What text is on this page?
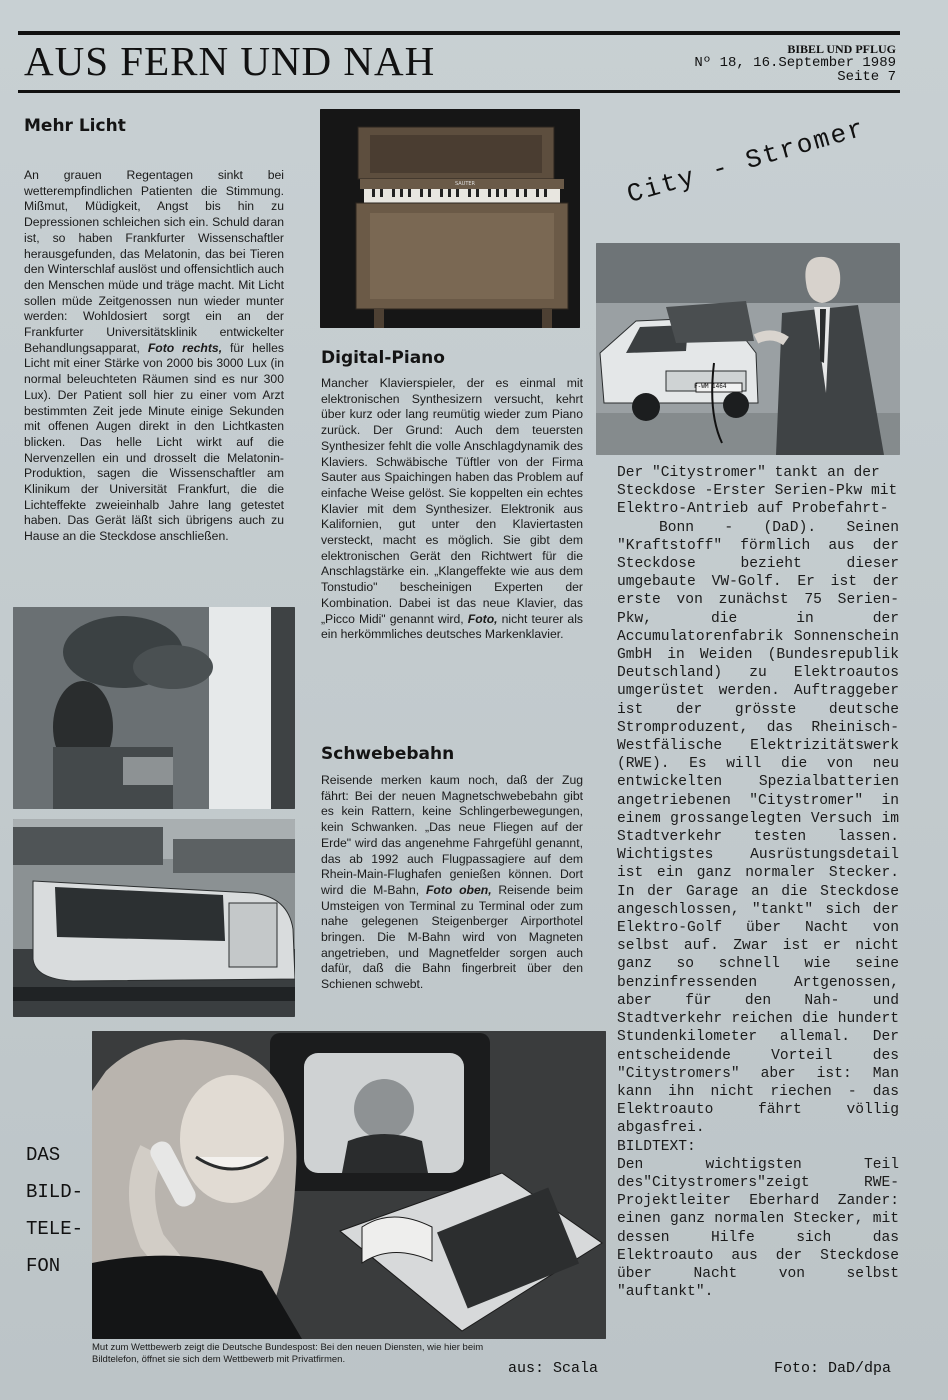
AUS FERN UND NAH	BIBEL UND PFLUG
Nº 18, 16.September 1989
Seite 7
Mehr Licht

An grauen Regentagen sinkt bei wetterempfindlichen Patienten die Stimmung. Mißmut, Müdigkeit, Angst bis hin zu Depressionen schleichen sich ein. Schuld daran ist, so haben Frankfurter Wissenschaftler herausgefunden, das Melatonin, das bei Tieren den Winterschlaf auslöst und offensichtlich auch den Menschen müde und träge macht. Mit Licht sollen müde Zeitgenossen nun wieder munter werden: Wohldosiert sorgt ein an der Frankfurter Universitätsklinik entwickelter Behandlungsapparat, Foto rechts, für helles Licht mit einer Stärke von 2000 bis 3000 Lux (in normal beleuchteten Räumen sind es nur 300 Lux). Der Patient soll hier zu einer vom Arzt bestimmten Zeit jede Minute einige Sekunden mit offenen Augen direkt in den Lichtkasten blicken. Das helle Licht wirkt auf die Nervenzellen ein und drosselt die Melatonin-Produktion, sagen die Wissenschaftler am Klinikum der Universität Frankfurt, die die Lichteffekte zweieinhalb Jahre lang getestet haben. Das Gerät läßt sich übrigens auch zu Hause an die Steckdose anschließen.

SAUTER
Digital-Piano

Mancher Klavierspieler, der es einmal mit elektronischen Synthesizern versucht, kehrt über kurz oder lang reumütig wieder zum Piano zurück. Der Grund: Auch dem teuersten Synthesizer fehlt die volle Anschlagdynamik des Klaviers. Schwäbische Tüftler von der Firma Sauter aus Spaichingen haben das Problem auf einfache Weise gelöst. Sie koppelten ein echtes Klavier mit dem Synthesizer. Elektronik aus Kalifornien, gut unter den Klaviertasten versteckt, macht es möglich. Sie gibt dem elektronischen Gerät den Richtwert für die Anschlagstärke ein. „Klangeffekte wie aus dem Tonstudio" bescheinigen Experten der Kombination. Dabei ist das neue Klavier, das „Picco Midi" genannt wird, Foto, nicht teurer als ein herkömmliches deutsches Markenklavier.

Schwebebahn

Reisende merken kaum noch, daß der Zug fährt: Bei der neuen Magnetschwebebahn gibt es kein Rattern, keine Schlingerbewegungen, kein Schwanken. „Das neue Fliegen auf der Erde" wird das angenehme Fahrgefühl genannt, das ab 1992 auch Flugpassagiere auf dem Rhein-Main-Flughafen genießen können. Dort wird die M-Bahn, Foto oben, Reisende beim Umsteigen von Terminal zu Terminal oder zum nahe gelegenen Steigenberger Airporthotel bringen. Die M-Bahn wird von Magneten angetrieben, und Magnetfelder sorgen auch dafür, daß die Bahn fingerbreit über den Schienen schwebt.

City - Stromer
F-WM 1464

Der "Citystromer" tankt an der Steckdose -Erster Serien-Pkw mit Elektro-Antrieb auf Probefahrt-

Bonn - (DaD). Seinen "Kraftstoff" förmlich aus der Steckdose bezieht dieser umgebaute VW-Golf. Er ist der erste von zunächst 75 Serien-Pkw, die in der Accumulatorenfabrik Sonnenschein GmbH in Weiden (Bundesrepublik Deutschland) zu Elektroautos umgerüstet werden. Auftraggeber ist der grösste deutsche Stromproduzent, das Rheinisch-Westfälische Elektrizitätswerk (RWE). Es will die von neu entwickelten Spezialbatterien angetriebenen "Citystromer" in einem grossangelegten Versuch im Stadtverkehr testen lassen. Wichtigstes Ausrüstungsdetail ist ein ganz normaler Stecker. In der Garage an die Steckdose angeschlossen, "tankt" sich der Elektro-Golf über Nacht von selbst auf. Zwar ist er nicht ganz so schnell wie seine benzinfressenden Artgenossen, aber für den Nah- und Stadtverkehr reichen die hundert Stundenkilometer allemal. Der entscheidende Vorteil des "Citystromers" aber ist: Man kann ihn nicht riechen - das Elektroauto fährt völlig abgasfrei.

BILDTEXT:

Den wichtigsten Teil des"Citystromers"zeigt RWE-Projektleiter Eberhard Zander: einen ganz normalen Stecker, mit dessen Hilfe sich das Elektroauto aus der Steckdose über Nacht von selbst "auftankt".

Foto: DaD/dpa
DAS
BILD-
TELE-
FON
Mut zum Wettbewerb zeigt die Deutsche Bundespost: Bei den neuen Diensten, wie hier beim Bildtelefon, öffnet sie sich dem Wettbewerb mit Privatfirmen.
aus: Scala
